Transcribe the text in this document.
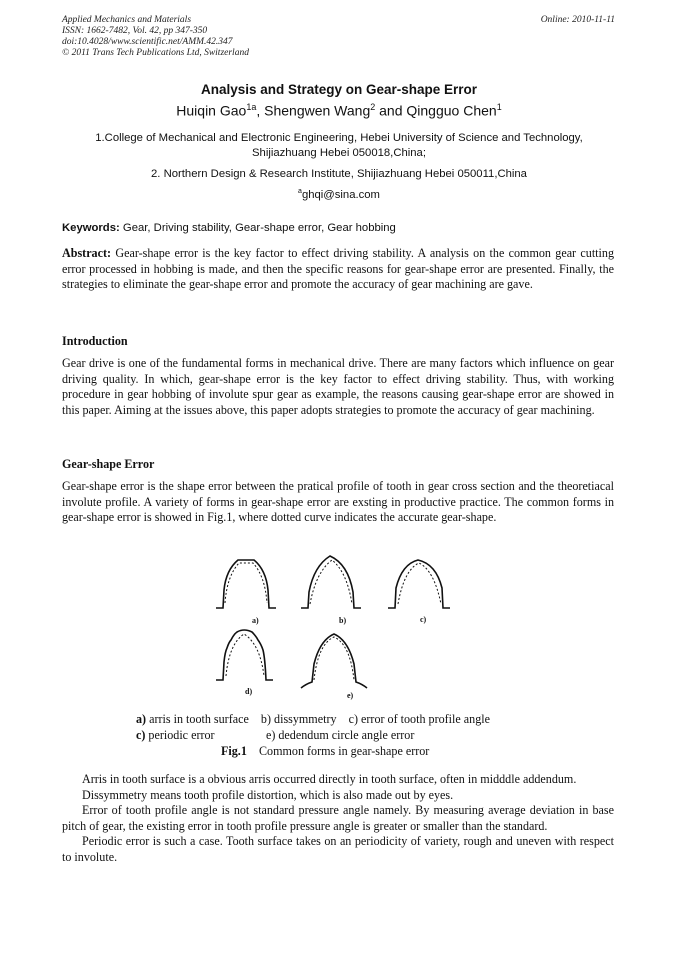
Applied Mechanics and Materials
ISSN: 1662-7482, Vol. 42, pp 347-350
doi:10.4028/www.scientific.net/AMM.42.347
© 2011 Trans Tech Publications Ltd, Switzerland
Online: 2010-11-11
Analysis and Strategy on Gear-shape Error
Huiqin Gao$^{1a}$, Shengwen Wang$^2$ and Qingguo Chen$^1$
1.College of Mechanical and Electronic Engineering, Hebei University of Science and Technology,
Shijiazhuang Hebei 050018,China;
2. Northern Design & Research Institute, Shijiazhuang Hebei 050011,China
$^a$ghqi@sina.com
Keywords: Gear, Driving stability, Gear-shape error, Gear hobbing

Abstract: Gear-shape error is the key factor to effect driving stability. A analysis on the common gear cutting error processed in hobbing is made, and then the specific reasons for gear-shape error are presented. Finally, the strategies to eliminate the gear-shape error and promote the accuracy of gear machining are gave.

Introduction

Gear drive is one of the fundamental forms in mechanical drive. There are many factors which influence on gear driving quality. In which, gear-shape error is the key factor to effect driving stability. Thus, with working procedure in gear hobbing of involute spur gear as example, the reasons causing gear-shape error are showed in this paper. Aiming at the issues above, this paper adopts strategies to promote the accuracy of gear machining.

Gear-shape Error

Gear-shape error is the shape error between the pratical profile of tooth in gear cross section and the theoretiacal involute profile. A variety of forms in gear-shape error are exsting in productive practice. The common forms in gear-shape error is showed in Fig.1, where dotted curve indicates the accurate gear-shape.

a)	b)	c)
d)	e)
a) arris in tooth surface    b) dissymmetry    c) error of tooth profile angle
c) periodic error                 e) dedendum circle angle error
Fig.1    Common forms in gear-shape error

Arris in tooth surface is a obvious arris occurred directly in tooth surface, often in midddle addendum.

Dissymmetry means tooth profile distortion, which is also made out by eyes.

Error of tooth profile angle is not standard pressure angle namely. By measuring average deviation in base pitch of gear, the existing error in tooth profile pressure angle is greater or smaller than the standard.

Periodic error is such a case. Tooth surface takes on an periodicity of variety, rough and uneven with respect to involute.
